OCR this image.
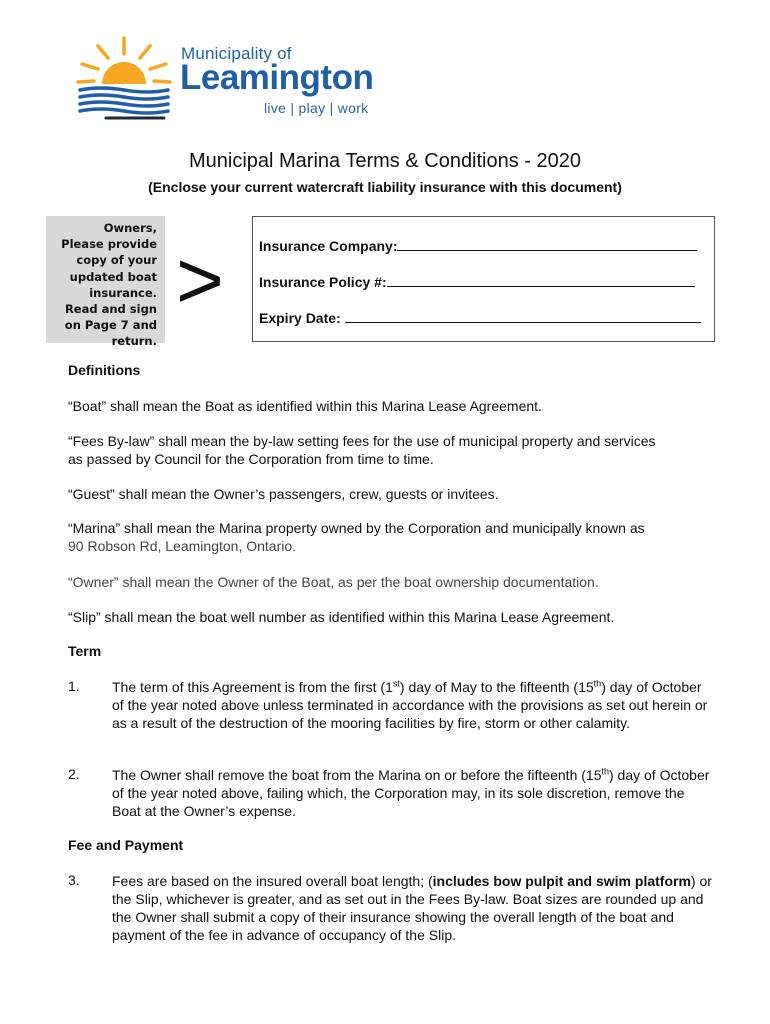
Municipality of
Leamington
live | play | work
Municipal Marina Terms & Conditions - 2020

(Enclose your current watercraft liability insurance with this document)

Owners,
Please provide
copy of your
updated boat
insurance.
Read and sign
on Page 7 and
return.
>	Insurance Company:
Insurance Policy #:
Expiry Date:
Definitions

“Boat” shall mean the Boat as identified within this Marina Lease Agreement.

“Fees By-law” shall mean the by-law setting fees for the use of municipal property and services
as passed by Council for the Corporation from time to time.

“Guest” shall mean the Owner’s passengers, crew, guests or invitees.

“Marina” shall mean the Marina property owned by the Corporation and municipally known as
90 Robson Rd, Leamington, Ontario.

“Owner” shall mean the Owner of the Boat, as per the boat ownership documentation.

“Slip” shall mean the boat well number as identified within this Marina Lease Agreement.

Term
1. The term of this Agreement is from the first (1st) day of May to the fifteenth (15th) day of October of the year noted above unless terminated in accordance with the provisions as set out herein or as a result of the destruction of the mooring facilities by fire, storm or other calamity.

2. The Owner shall remove the boat from the Marina on or before the fifteenth (15th) day of October of the year noted above, failing which, the Corporation may, in its sole discretion, remove the Boat at the Owner’s expense.

Fee and Payment
3. Fees are based on the insured overall boat length; (includes bow pulpit and swim platform) or the Slip, whichever is greater, and as set out in the Fees By-law. Boat sizes are rounded up and the Owner shall submit a copy of their insurance showing the overall length of the boat and payment of the fee in advance of occupancy of the Slip.
